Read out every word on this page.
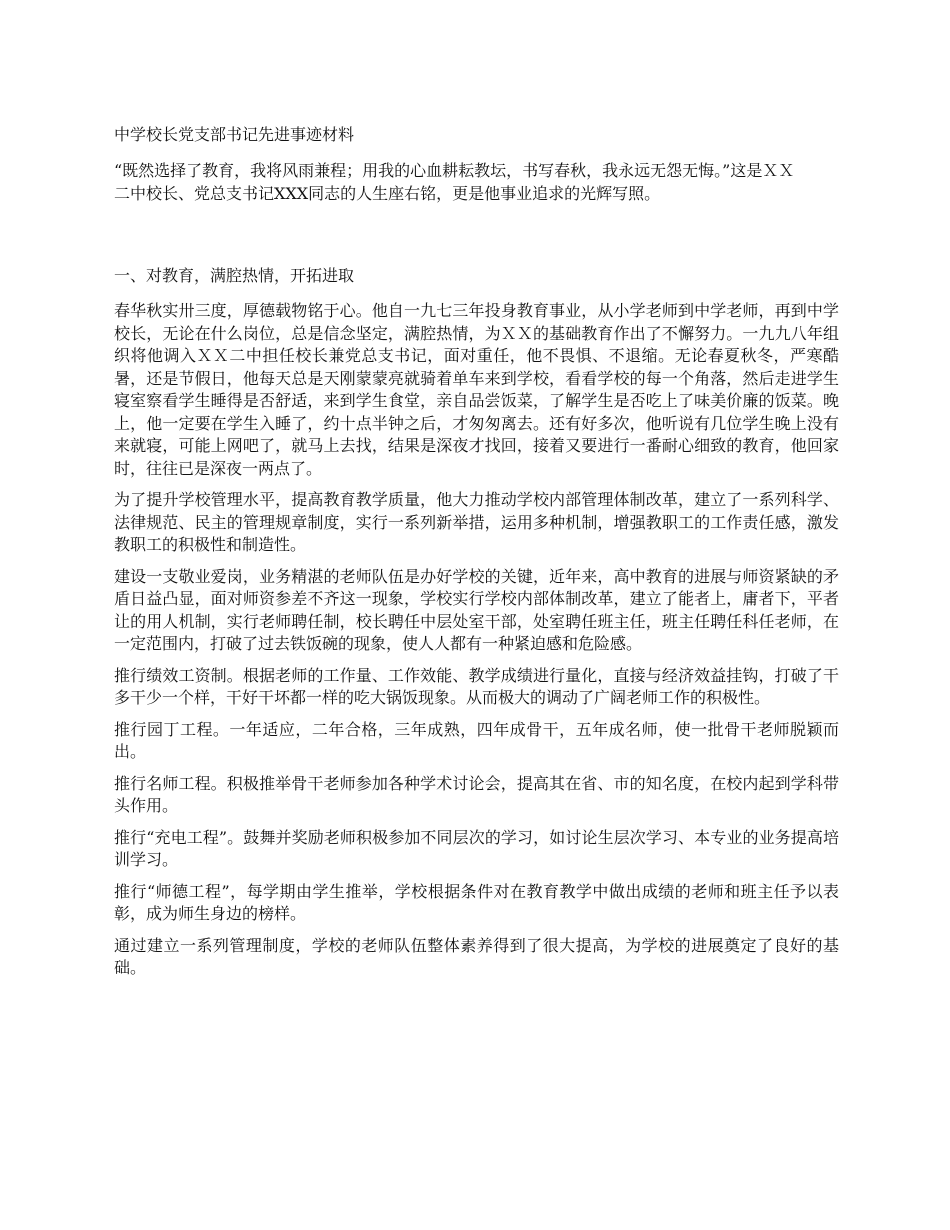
中学校长党支部书记先进事迹材料

“既然选择了教育，我将风雨兼程；用我的心血耕耘教坛，书写春秋，我永远无怨无悔。”这是ＸＸ二中校长、党总支书记XXX同志的人生座右铭，更是他事业追求的光辉写照。

一、对教育，满腔热情，开拓进取

春华秋实卅三度，厚德载物铭于心。他自一九七三年投身教育事业，从小学老师到中学老师，再到中学校长，无论在什么岗位，总是信念坚定，满腔热情，为ＸＸ的基础教育作出了不懈努力。一九九八年组织将他调入ＸＸ二中担任校长兼党总支书记，面对重任，他不畏惧、不退缩。无论春夏秋冬，严寒酷暑，还是节假日，他每天总是天刚蒙蒙亮就骑着单车来到学校，看看学校的每一个角落，然后走进学生寝室察看学生睡得是否舒适，来到学生食堂，亲自品尝饭菜，了解学生是否吃上了味美价廉的饭菜。晚上，他一定要在学生入睡了，约十点半钟之后，才匆匆离去。还有好多次，他听说有几位学生晚上没有来就寝，可能上网吧了，就马上去找，结果是深夜才找回，接着又要进行一番耐心细致的教育，他回家时，往往已是深夜一两点了。

为了提升学校管理水平，提高教育教学质量，他大力推动学校内部管理体制改革，建立了一系列科学、法律规范、民主的管理规章制度，实行一系列新举措，运用多种机制，增强教职工的工作责任感，激发教职工的积极性和制造性。

建设一支敬业爱岗，业务精湛的老师队伍是办好学校的关键，近年来，高中教育的进展与师资紧缺的矛盾日益凸显，面对师资参差不齐这一现象，学校实行学校内部体制改革，建立了能者上，庸者下，平者让的用人机制，实行老师聘任制，校长聘任中层处室干部，处室聘任班主任，班主任聘任科任老师，在一定范围内，打破了过去铁饭碗的现象，使人人都有一种紧迫感和危险感。

推行绩效工资制。根据老师的工作量、工作效能、教学成绩进行量化，直接与经济效益挂钩，打破了干多干少一个样，干好干坏都一样的吃大锅饭现象。从而极大的调动了广阔老师工作的积极性。

推行园丁工程。一年适应，二年合格，三年成熟，四年成骨干，五年成名师，使一批骨干老师脱颖而出。

推行名师工程。积极推举骨干老师参加各种学术讨论会，提高其在省、市的知名度，在校内起到学科带头作用。

推行“充电工程”。鼓舞并奖励老师积极参加不同层次的学习，如讨论生层次学习、本专业的业务提高培训学习。

推行“师德工程”，每学期由学生推举，学校根据条件对在教育教学中做出成绩的老师和班主任予以表彰，成为师生身边的榜样。

通过建立一系列管理制度，学校的老师队伍整体素养得到了很大提高，为学校的进展奠定了良好的基础。
